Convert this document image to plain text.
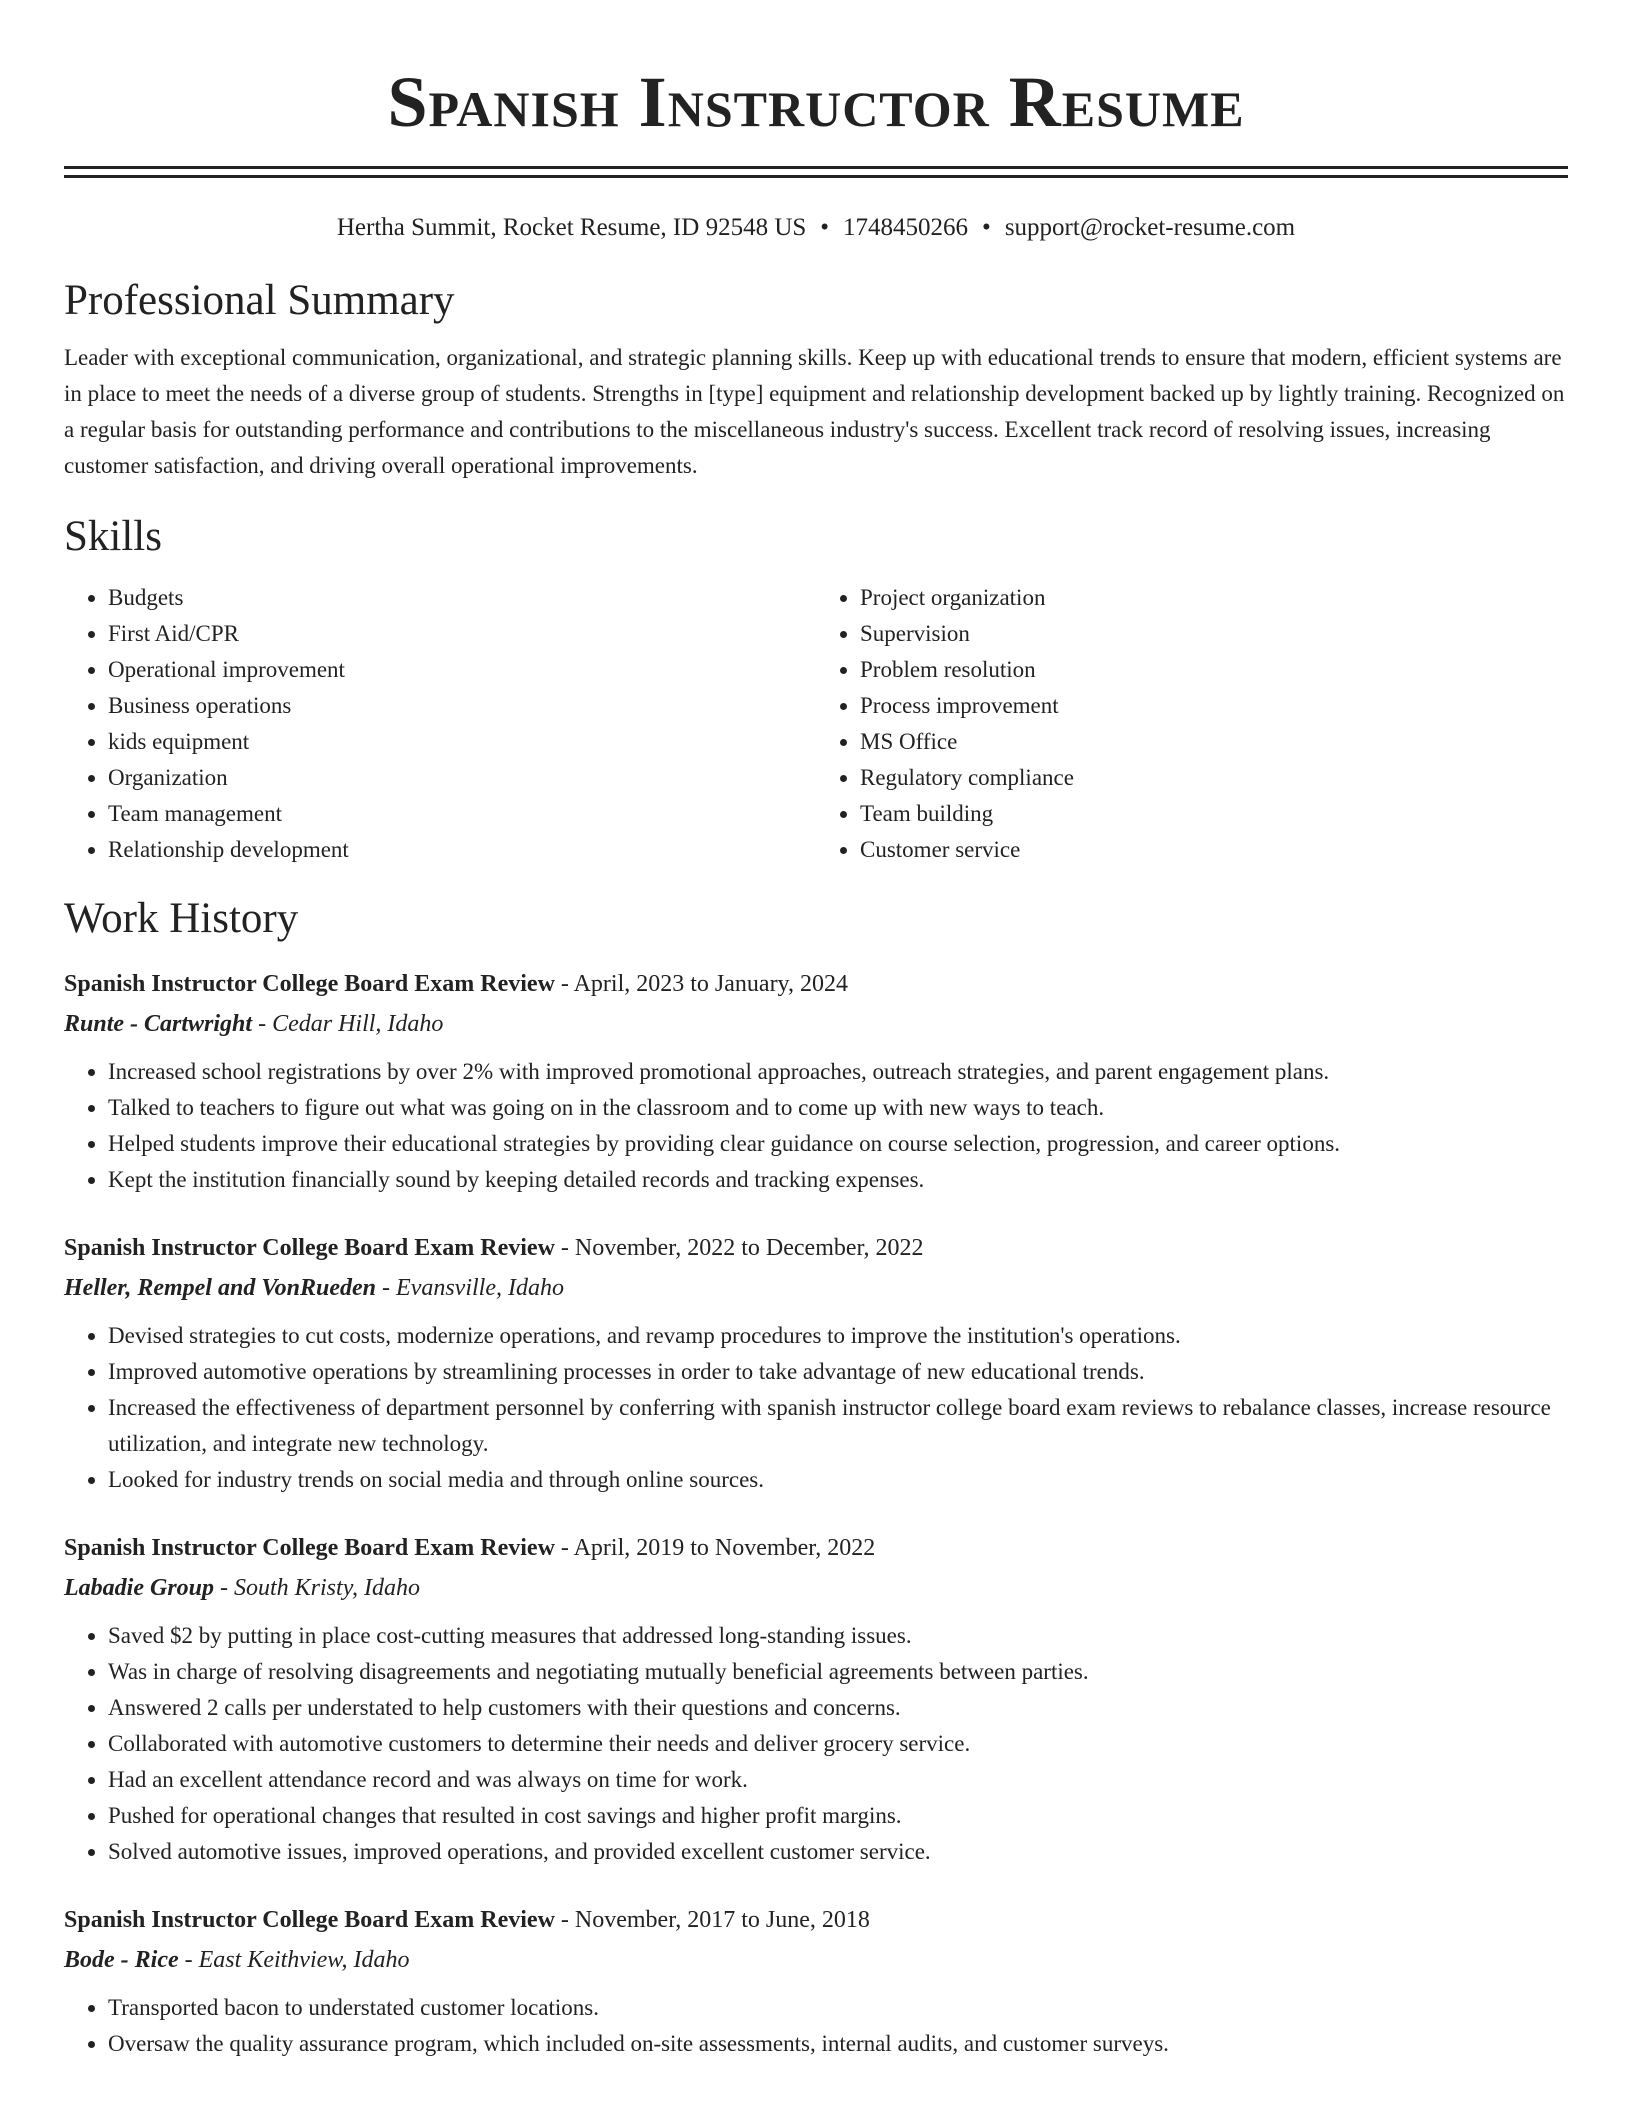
Spanish Instructor Resume
Hertha Summit, Rocket Resume, ID 92548 US • 1748450266 • support@rocket-resume.com
Professional Summary

Leader with exceptional communication, organizational, and strategic planning skills. Keep up with educational trends to ensure that modern, efficient systems are in place to meet the needs of a diverse group of students. Strengths in [type] equipment and relationship development backed up by lightly training. Recognized on a regular basis for outstanding performance and contributions to the miscellaneous industry's success. Excellent track record of resolving issues, increasing customer satisfaction, and driving overall operational improvements.

Skills
• Budgets
• First Aid/CPR
• Operational improvement
• Business operations
• kids equipment
• Organization
• Team management
• Relationship development
• Project organization
• Supervision
• Problem resolution
• Process improvement
• MS Office
• Regulatory compliance
• Team building
• Customer service
Work History
Spanish Instructor College Board Exam Review - April, 2023 to January, 2024
Runte - Cartwright - Cedar Hill, Idaho
• Increased school registrations by over 2% with improved promotional approaches, outreach strategies, and parent engagement plans.
• Talked to teachers to figure out what was going on in the classroom and to come up with new ways to teach.
• Helped students improve their educational strategies by providing clear guidance on course selection, progression, and career options.
• Kept the institution financially sound by keeping detailed records and tracking expenses.
Spanish Instructor College Board Exam Review - November, 2022 to December, 2022
Heller, Rempel and VonRueden - Evansville, Idaho
• Devised strategies to cut costs, modernize operations, and revamp procedures to improve the institution's operations.
• Improved automotive operations by streamlining processes in order to take advantage of new educational trends.
• Increased the effectiveness of department personnel by conferring with spanish instructor college board exam reviews to rebalance classes, increase resource utilization, and integrate new technology.
• Looked for industry trends on social media and through online sources.
Spanish Instructor College Board Exam Review - April, 2019 to November, 2022
Labadie Group - South Kristy, Idaho
• Saved $2 by putting in place cost-cutting measures that addressed long-standing issues.
• Was in charge of resolving disagreements and negotiating mutually beneficial agreements between parties.
• Answered 2 calls per understated to help customers with their questions and concerns.
• Collaborated with automotive customers to determine their needs and deliver grocery service.
• Had an excellent attendance record and was always on time for work.
• Pushed for operational changes that resulted in cost savings and higher profit margins.
• Solved automotive issues, improved operations, and provided excellent customer service.
Spanish Instructor College Board Exam Review - November, 2017 to June, 2018
Bode - Rice - East Keithview, Idaho
• Transported bacon to understated customer locations.
• Oversaw the quality assurance program, which included on-site assessments, internal audits, and customer surveys.
